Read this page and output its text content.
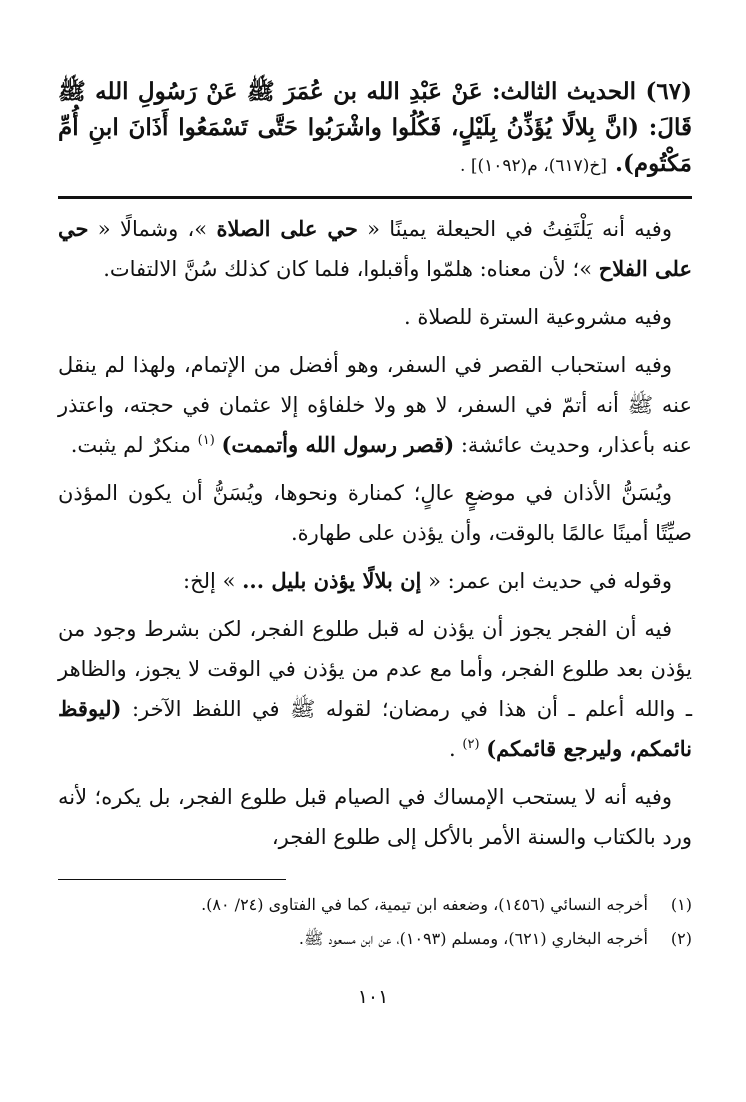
(٦٧) الحديث الثالث: عَنْ عَبْدِ الله بن عُمَرَ ﷺ عَنْ رَسُولِ الله ﷺ قَالَ: (انَّ بِلالًا يُؤَذِّنُ بِلَيْلٍ، فَكُلُوا واشْرَبُوا حَتَّى تَسْمَعُوا أَذَانَ ابنِ أُمِّ مَكْتُوم). [خ(٦١٧)، م(١٠٩٢)] .

وفيه أنه يَلْتَفِتُ في الحيعلة يمينًا « حي على الصلاة »، وشمالًا « حي على الفلاح »؛ لأن معناه: هلمّوا وأقبلوا، فلما كان كذلك سُنَّ الالتفات.

وفيه مشروعية السترة للصلاة .

وفيه استحباب القصر في السفر، وهو أفضل من الإتمام، ولهذا لم ينقل عنه ﷺ أنه أتمّ في السفر، لا هو ولا خلفاؤه إلا عثمان في حجته، واعتذر عنه بأعذار، وحديث عائشة: (قصر رسول الله وأتممت) $^{(١)}$ منكرٌ لم يثبت.

ويُسَنُّ الأذان في موضعٍ عالٍ؛ كمنارة ونحوها، ويُسَنُّ أن يكون المؤذن صيِّتًا أمينًا عالمًا بالوقت، وأن يؤذن على طهارة.

وقوله في حديث ابن عمر: « إن بلالًا يؤذن بليل ... » إلخ:

فيه أن الفجر يجوز أن يؤذن له قبل طلوع الفجر، لكن بشرط وجود من يؤذن بعد طلوع الفجر، وأما مع عدم من يؤذن في الوقت لا يجوز، والظاهر ـ والله أعلم ـ أن هذا في رمضان؛ لقوله ﷺ في اللفظ الآخر: (ليوقظ نائمكم، وليرجع قائمكم) $^{(٢)}$ .

وفيه أنه لا يستحب الإمساك في الصيام قبل طلوع الفجر، بل يكره؛ لأنه ورد بالكتاب والسنة الأمر بالأكل إلى طلوع الفجر،

(١)أخرجه النسائي (١٤٥٦)، وضعفه ابن تيمية، كما في الفتاوى (٢٤/ ٨٠).

(٢)أخرجه البخاري (٦٢١)، ومسلم (١٠٩٣)، عن ابن مسعود ﷺ.

١٠١
